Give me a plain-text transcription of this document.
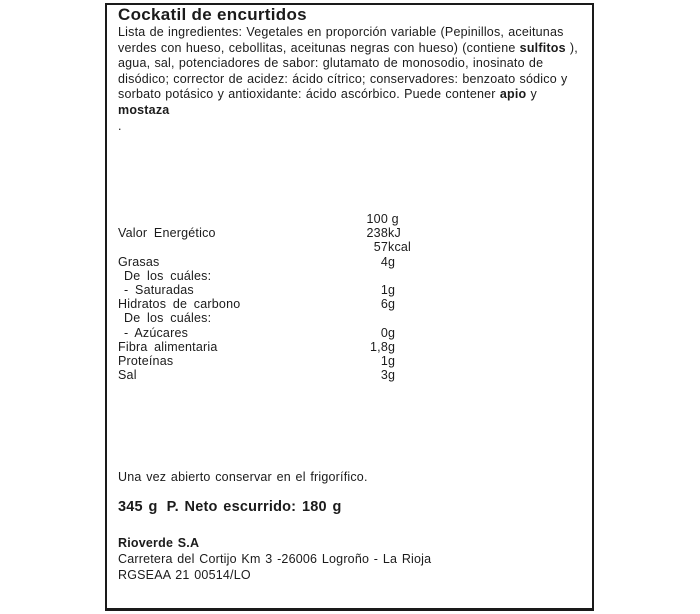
Cockatil de encurtidos

Lista de ingredientes: Vegetales en proporción variable (Pepinillos, aceitunas verdes con hueso, cebollitas, aceitunas negras con hueso) (contiene sulfitos ), agua, sal, potenciadores de sabor: glutamato de monosodio, inosinato de disódico; corrector de acidez: ácido cítrico; conservadores: benzoato sódico y sorbato potásico y antioxidante: ácido ascórbico. Puede contener apio y mostaza
.

100 g
Valor Energético	238 kJ
57 kcal
Grasas	4 g
De los cuáles:
- Saturadas	1 g
Hidratos de carbono	6 g
De los cuáles:
- Azúcares	0 g
Fibra alimentaria	1,8 g
Proteínas	1 g
Sal	3 g

Una vez abierto conservar en el frigorífico.

345 g P. Neto escurrido: 180 g

Rioverde S.A

Carretera del Cortijo Km 3 -26006 Logroño - La Rioja

RGSEAA 21 00514/LO
